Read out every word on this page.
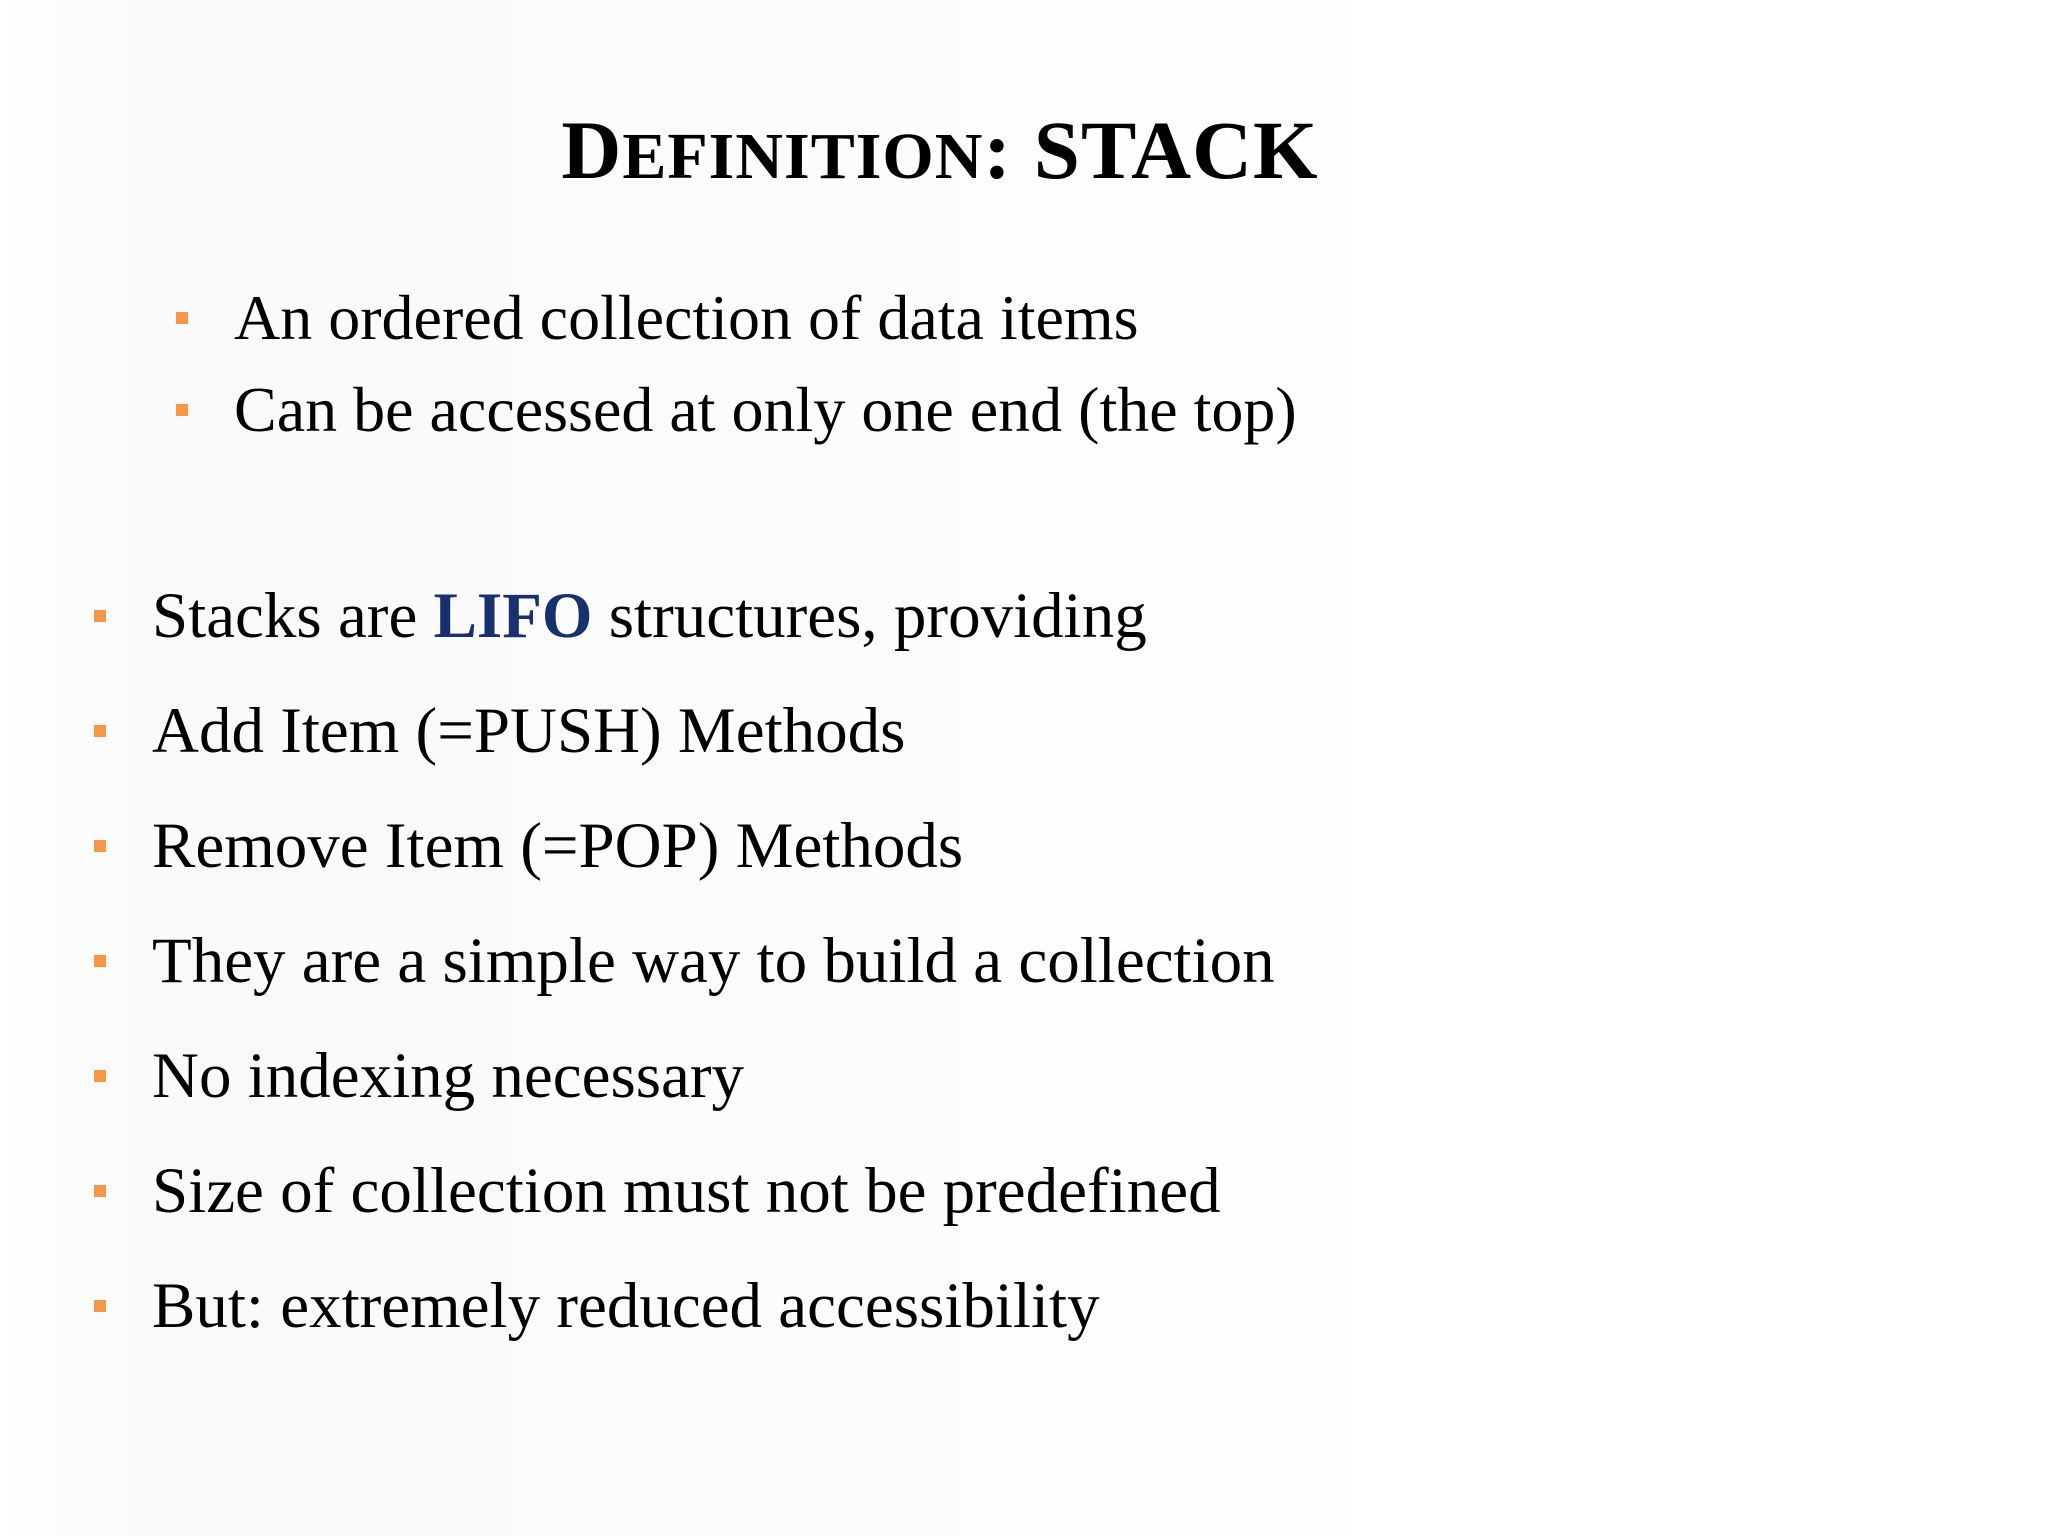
DEFINITION: STACK
An ordered collection of data items
Can be accessed at only one end (the top)
Stacks are LIFO structures, providing
Add Item (=PUSH) Methods
Remove Item (=POP) Methods
They are a simple way to build a collection
No indexing necessary
Size of collection must not be predefined
But: extremely reduced accessibility
